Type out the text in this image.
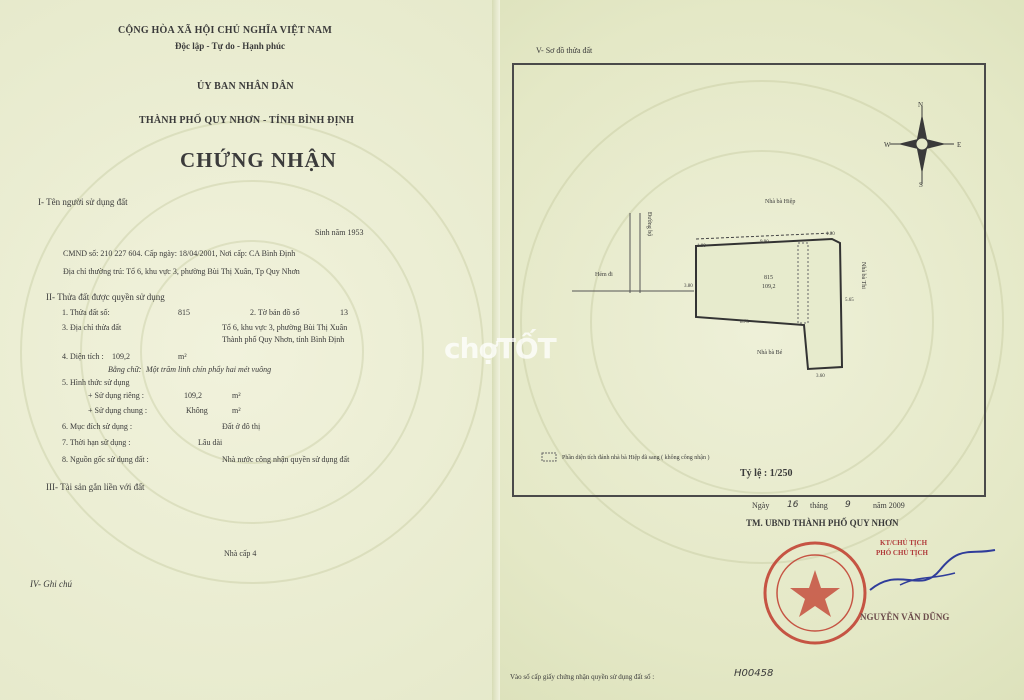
CỘNG HÒA XÃ HỘI CHỦ NGHĨA VIỆT NAM
Độc lập - Tự do - Hạnh phúc
ỦY BAN NHÂN DÂN
THÀNH PHỐ QUY NHƠN - TỈNH BÌNH ĐỊNH
CHỨNG NHẬN
I- Tên người sử dụng đất
Sinh năm 1953
CMND số: 210 227 604. Cấp ngày: 18/04/2001, Nơi cấp: CA Bình Định
Địa chỉ thường trú: Tổ 6, khu vực 3, phường Bùi Thị Xuân, Tp Quy Nhơn
II- Thửa đất được quyền sử dụng
1. Thửa đất số:	815	2. Tờ bản đồ số	13
3. Địa chỉ thửa đất	Tổ 6, khu vực 3, phường Bùi Thị Xuân
Thành phố Quy Nhơn, tỉnh Bình Định
4. Diện tích : 109,2	m²
Bằng chữ: Một trăm linh chín phẩy hai mét vuông
5. Hình thức sử dụng
+ Sử dụng riêng :	109,2	m²
+ Sử dụng chung :	Không	m²
6. Mục đích sử dụng :	Đất ở đô thị
7. Thời hạn sử dụng :	Lâu dài
8. Nguồn gốc sử dụng đất :	Nhà nước công nhận quyền sử dụng đất
III- Tài sản gắn liền với đất
Nhà cấp 4
IV- Ghi chú
V- Sơ đồ thửa đất
N
S
W	E
Nhà bà Hiệp
Nhà bà Thi
Nhà bà Bé
Hẻm đi
Đường bộ
1.80
9.90
1.80
3.80
5.65
8.73
3.60
815
109,2
Phần diện tích đánh nhà bà Hiệp đã sang ( không công nhận )
Tỷ lệ : 1/250
Ngày 16 tháng 9	năm 2009
TM. UBND THÀNH PHỐ QUY NHƠN
KT/CHỦ TỊCH
PHÓ CHỦ TỊCH
NGUYỄN VĂN DŨNG
Vào số cấp giấy chứng nhận quyền sử dụng đất số :	H00458
chợTỐT
